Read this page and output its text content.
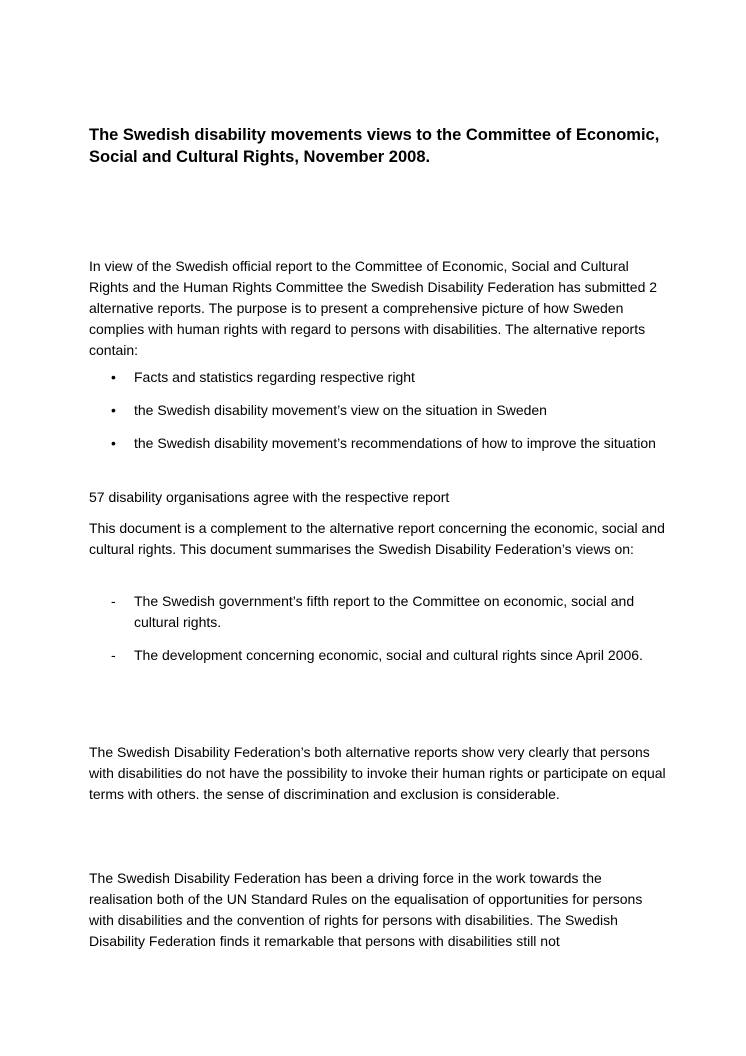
The Swedish disability movements views to the Committee of Economic, Social and Cultural Rights, November 2008.

In view of the Swedish official report to the Committee of Economic, Social and Cultural Rights and the Human Rights Committee the Swedish Disability Federation has submitted 2 alternative reports. The purpose is to present a comprehensive picture of how Sweden complies with human rights with regard to persons with disabilities. The alternative reports contain:

• Facts and statistics regarding respective right
• the Swedish disability movement’s view on the situation in Sweden
• the Swedish disability movement’s recommendations of how to improve the situation

57 disability organisations agree with the respective report

This document is a complement to the alternative report concerning the economic, social and cultural rights. This document summarises the Swedish Disability Federation’s views on:

- The Swedish government’s fifth report to the Committee on economic, social and cultural rights.
- The development concerning economic, social and cultural rights since April 2006.

The Swedish Disability Federation’s both alternative reports show very clearly that persons with disabilities do not have the possibility to invoke their human rights or participate on equal terms with others. the sense of discrimination and exclusion is considerable.

The Swedish Disability Federation has been a driving force in the work towards the realisation both of the UN Standard Rules on the equalisation of opportunities for persons with disabilities and the convention of rights for persons with disabilities. The Swedish Disability Federation finds it remarkable that persons with disabilities still not
